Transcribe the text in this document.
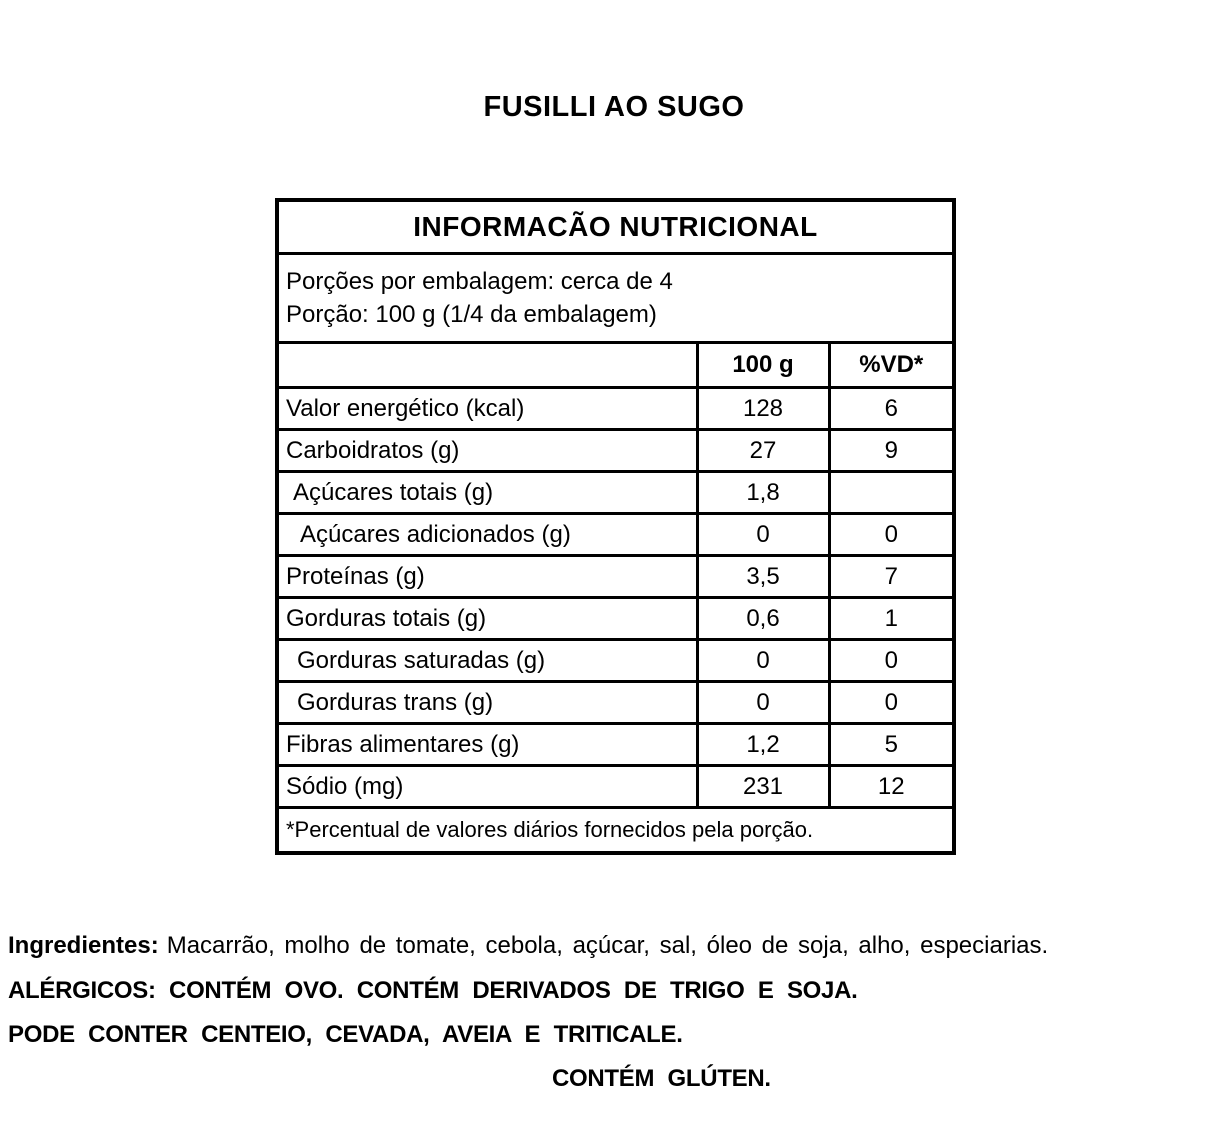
FUSILLI AO SUGO
INFORMACÃO NUTRICIONAL		

Porções por embalagem: cerca de 4
Porção: 100 g (1/4 da embalagem)		

	100 g	%VD*
Valor energético (kcal)	128	6
Carboidratos (g)	27	9
Açúcares totais (g)	1,8	
Açúcares adicionados (g)	0	0
Proteínas (g)	3,5	7
Gorduras totais (g)	0,6	1
Gorduras saturadas (g)	0	0
Gorduras trans (g)	0	0
Fibras alimentares (g)	1,2	5
Sódio (mg)	231	12
*Percentual de valores diários fornecidos pela porção.		

Ingredientes: Macarrão, molho de tomate, cebola, açúcar, sal, óleo de soja, alho, especiarias.

ALÉRGICOS: CONTÉM OVO. CONTÉM DERIVADOS DE TRIGO E SOJA.

PODE CONTER CENTEIO, CEVADA, AVEIA E TRITICALE.

CONTÉM GLÚTEN.
